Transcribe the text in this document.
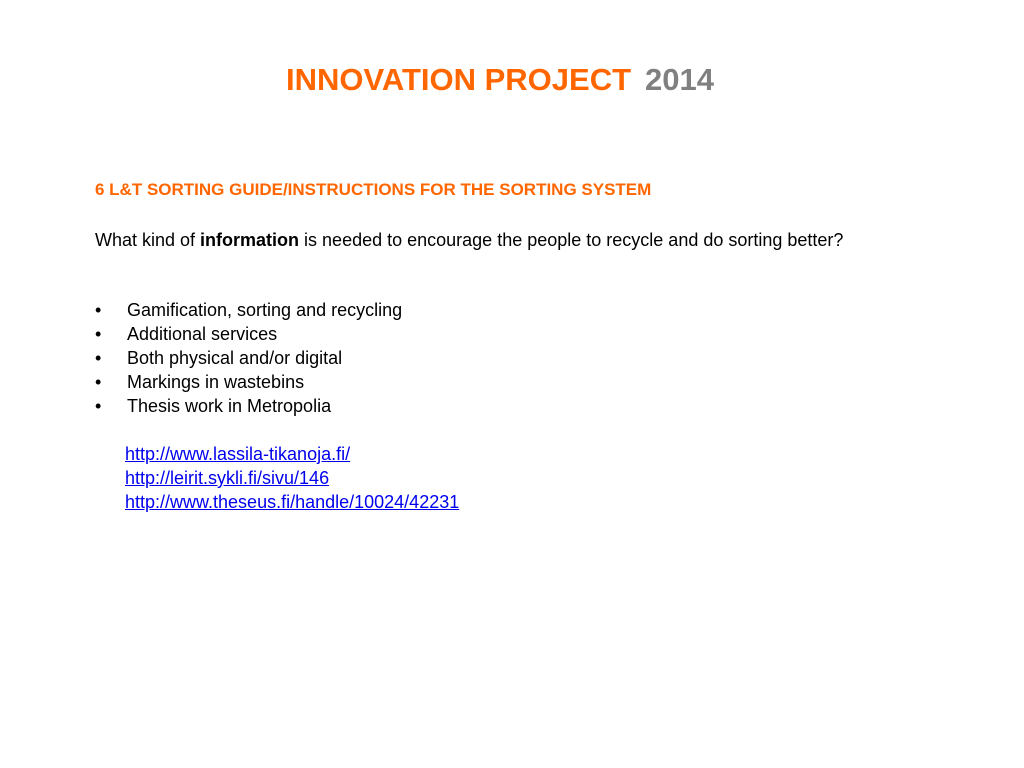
INNOVATION PROJECT 2014
6 L&T SORTING GUIDE/INSTRUCTIONS FOR THE SORTING SYSTEM
What kind of information is needed to encourage the people to recycle and do sorting better?
• Gamification, sorting and recycling
• Additional services
• Both physical and/or digital
• Markings in wastebins
• Thesis work in Metropolia
http://www.lassila-tikanoja.fi/
http://leirit.sykli.fi/sivu/146
http://www.theseus.fi/handle/10024/42231
